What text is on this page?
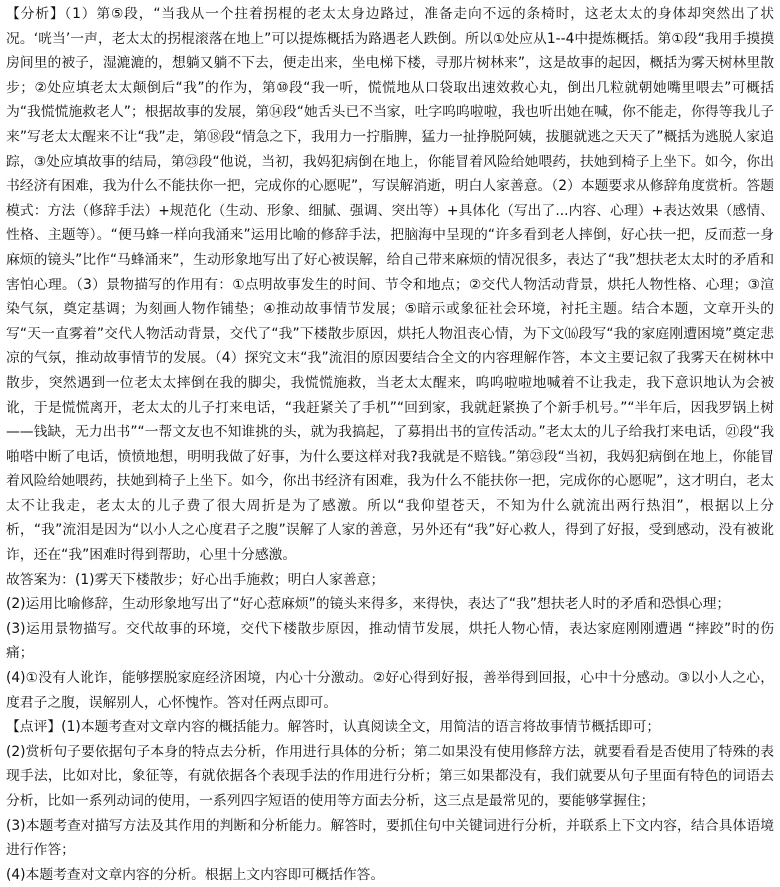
【分析】（1）第⑤段，“当我从一个拄着拐棍的老太太身边路过，准备走向不远的条椅时，这老太太的身体却突然出了状况。‘咣当’一声，老太太的拐棍滚落在地上”可以提炼概括为路遇老人跌倒。所以①处应从1--4中提炼概括。第①段“我用手摸摸房间里的被子，湿漉漉的，想躺又躺不下去，便走出来，坐电梯下楼，寻那片树林来”，这是故事的起因，概括为雾天树林里散步；②处应填老太太颠倒后“我”的作为，第⑩段“我一听，慌慌地从口袋取出速效救心丸，倒出几粒就朝她嘴里喂去”可概括为“我慌慌施救老人”；根据故事的发展，第⑭段“她舌头已不当家，吐字呜呜啦啦，我也听出她在喊，你不能走，你得等我儿子来”写老太太醒来不让“我”走，第⑱段“情急之下，我用力一拧脂脾，猛力一扯挣脱阿姨，拔腿就逃之天天了”概括为逃脱人家追踪，③处应填故事的结局，第㉓段“他说，当初，我妈犯病倒在地上，你能冒着风险给她喂药，扶她到椅子上坐下。如今，你出书经济有困难，我为什么不能扶你一把，完成你的心愿呢”，写误解消逝，明白人家善意。（2）本题要求从修辞角度赏析。答题模式：方法（修辞手法）+规范化（生动、形象、细腻、强调、突出等）+具体化（写出了...内容、心理）+表达效果（感情、性格、主题等）。“便马蜂一样向我涌来”运用比喻的修辞手法，把脑海中呈现的“许多看到老人摔倒，好心扶一把，反而惹一身麻烦的镜头”比作“马蜂涌来”，生动形象地写出了好心被误解，给自己带来麻烦的情况很多，表达了“我”想扶老太太时的矛盾和害怕心理。（3）景物描写的作用有：①点明故事发生的时间、节令和地点；②交代人物活动背景，烘托人物性格、心理；③渲染气氛，奠定基调；为刻画人物作铺垫；④推动故事情节发展；⑤暗示或象征社会环境，衬托主题。结合本题，文章开头的写“天一直雾着”交代人物活动背景，交代了“我”下楼散步原因，烘托人物沮丧心情，为下文⒃段写“我的家庭刚遭困境”奠定悲凉的气氛，推动故事情节的发展。（4）探究文末“我”流泪的原因要结合全文的内容理解作答，本文主要记叙了我雾天在树林中散步，突然遇到一位老太太摔倒在我的脚尖，我慌慌施救，当老太太醒来，呜呜啦啦地喊着不让我走，我下意识地认为会被讹，于是慌慌离开，老太太的儿子打来电话，“我赶紧关了手机”“回到家，我就赶紧换了个新手机号。”“半年后，因我罗锅上树——钱缺，无力出书”“一帮文友也不知谁挑的头，就为我搞起，了募捐出书的宣传活动。”老太太的儿子给我打来电话，㉑段“我啪嗒中断了电话，愤愤地想，明明我做了好事，为什么要这样对我?我就是不赔钱。”第㉓段“当初，我妈犯病倒在地上，你能冒着风险给她喂药，扶她到椅子上坐下。如今，你出书经济有困难，我为什么不能扶你一把，完成你的心愿呢”，这才明白，老太太不让我走，老太太的儿子费了很大周折是为了感激。所以“我仰望苍天，不知为什么就流出两行热泪”，根据以上分析，“我”流泪是因为“以小人之心度君子之腹”误解了人家的善意，另外还有“我”好心救人，得到了好报，受到感动，没有被讹诈，还在“我”困难时得到帮助，心里十分感激。

故答案为：(1)雾天下楼散步；好心出手施救；明白人家善意；

(2)运用比喻修辞，生动形象地写出了“好心惹麻烦”的镜头来得多，来得快，表达了“我”想扶老人时的矛盾和恐惧心理；

(3)运用景物描写。交代故事的环境，交代下楼散步原因，推动情节发展，烘托人物心情，表达家庭刚刚遭遇 “摔跤”时的伤痛；

(4)①没有人讹诈，能够摆脱家庭经济困境，内心十分激动。②好心得到好报，善举得到回报，心中十分感动。③以小人之心，度君子之腹，误解别人，心怀愧怍。答对任两点即可。

【点评】(1)本题考查对文章内容的概括能力。解答时，认真阅读全文，用简洁的语言将故事情节概括即可；

(2)赏析句子要依据句子本身的特点去分析，作用进行具体的分析；第二如果没有使用修辞方法，就要看看是否使用了特殊的表现手法，比如对比，象征等，有就依据各个表现手法的作用进行分析；第三如果都没有，我们就要从句子里面有特色的词语去分析，比如一系列动词的使用，一系列四字短语的使用等方面去分析，这三点是最常见的，要能够掌握住；

(3)本题考查对描写方法及其作用的判断和分析能力。解答时，要抓住句中关键词进行分析，并联系上下文内容，结合具体语境进行作答；

(4)本题考查对文章内容的分析。根据上文内容即可概括作答。
